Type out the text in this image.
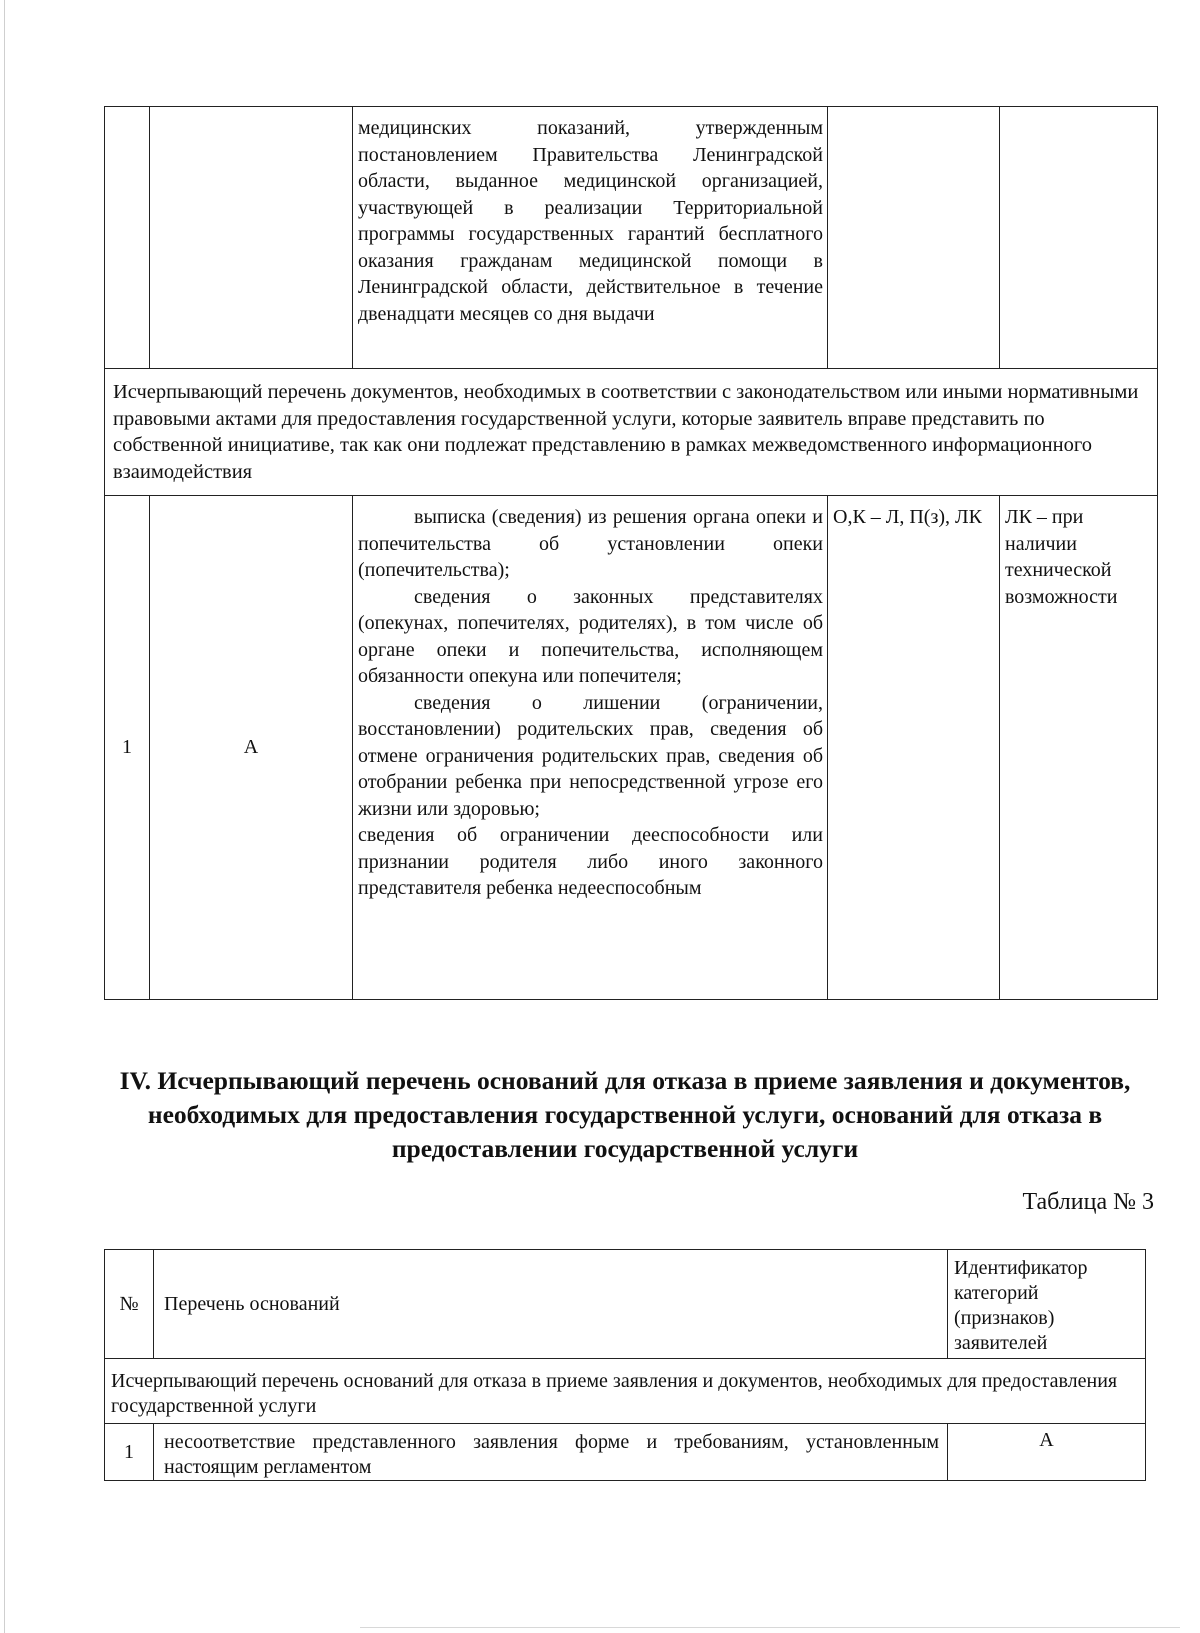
		медицинских показаний, утвержденным постановлением Правительства Ленинградской области, выданное медицинской организацией, участвующей в реализации Территориальной программы государственных гарантий бесплатного оказания гражданам медицинской помощи в Ленинградской области, действительное в течение двенадцати месяцев со дня выдачи		
Исчерпывающий перечень документов, необходимых в соответствии с законодательством или иными нормативными правовыми актами для предоставления государственной услуги, которые заявитель вправе представить по собственной инициативе, так как они подлежат представлению в рамках межведомственного информационного взаимодействия				
1	А	выписка (сведения) из решения органа опеки и попечительства об установлении опеки (попечительства);
сведения о законных представителях (опекунах, попечителях, родителях), в том числе об органе опеки и попечительства, исполняющем обязанности опекуна или попечителя;
сведения о лишении (ограничении, восстановлении) родительских прав, сведения об отмене ограничения родительских прав, сведения об отобрании ребенка при непосредственной угрозе его жизни или здоровью;
сведения об ограничении дееспособности или признании родителя либо иного законного представителя ребенка недееспособным	О,К – Л, П(з), ЛК	ЛК – при наличии технической возможности
IV. Исчерпывающий перечень оснований для отказа в приеме заявления и документов, необходимых для предоставления государственной услуги, оснований для отказа в предоставлении государственной услуги
Таблица № 3
№	Перечень оснований	Идентификатор категорий (признаков) заявителей
Исчерпывающий перечень оснований для отказа в приеме заявления и документов, необходимых для предоставления государственной услуги		
1	несоответствие представленного заявления форме и требованиям, установленным настоящим регламентом	А
